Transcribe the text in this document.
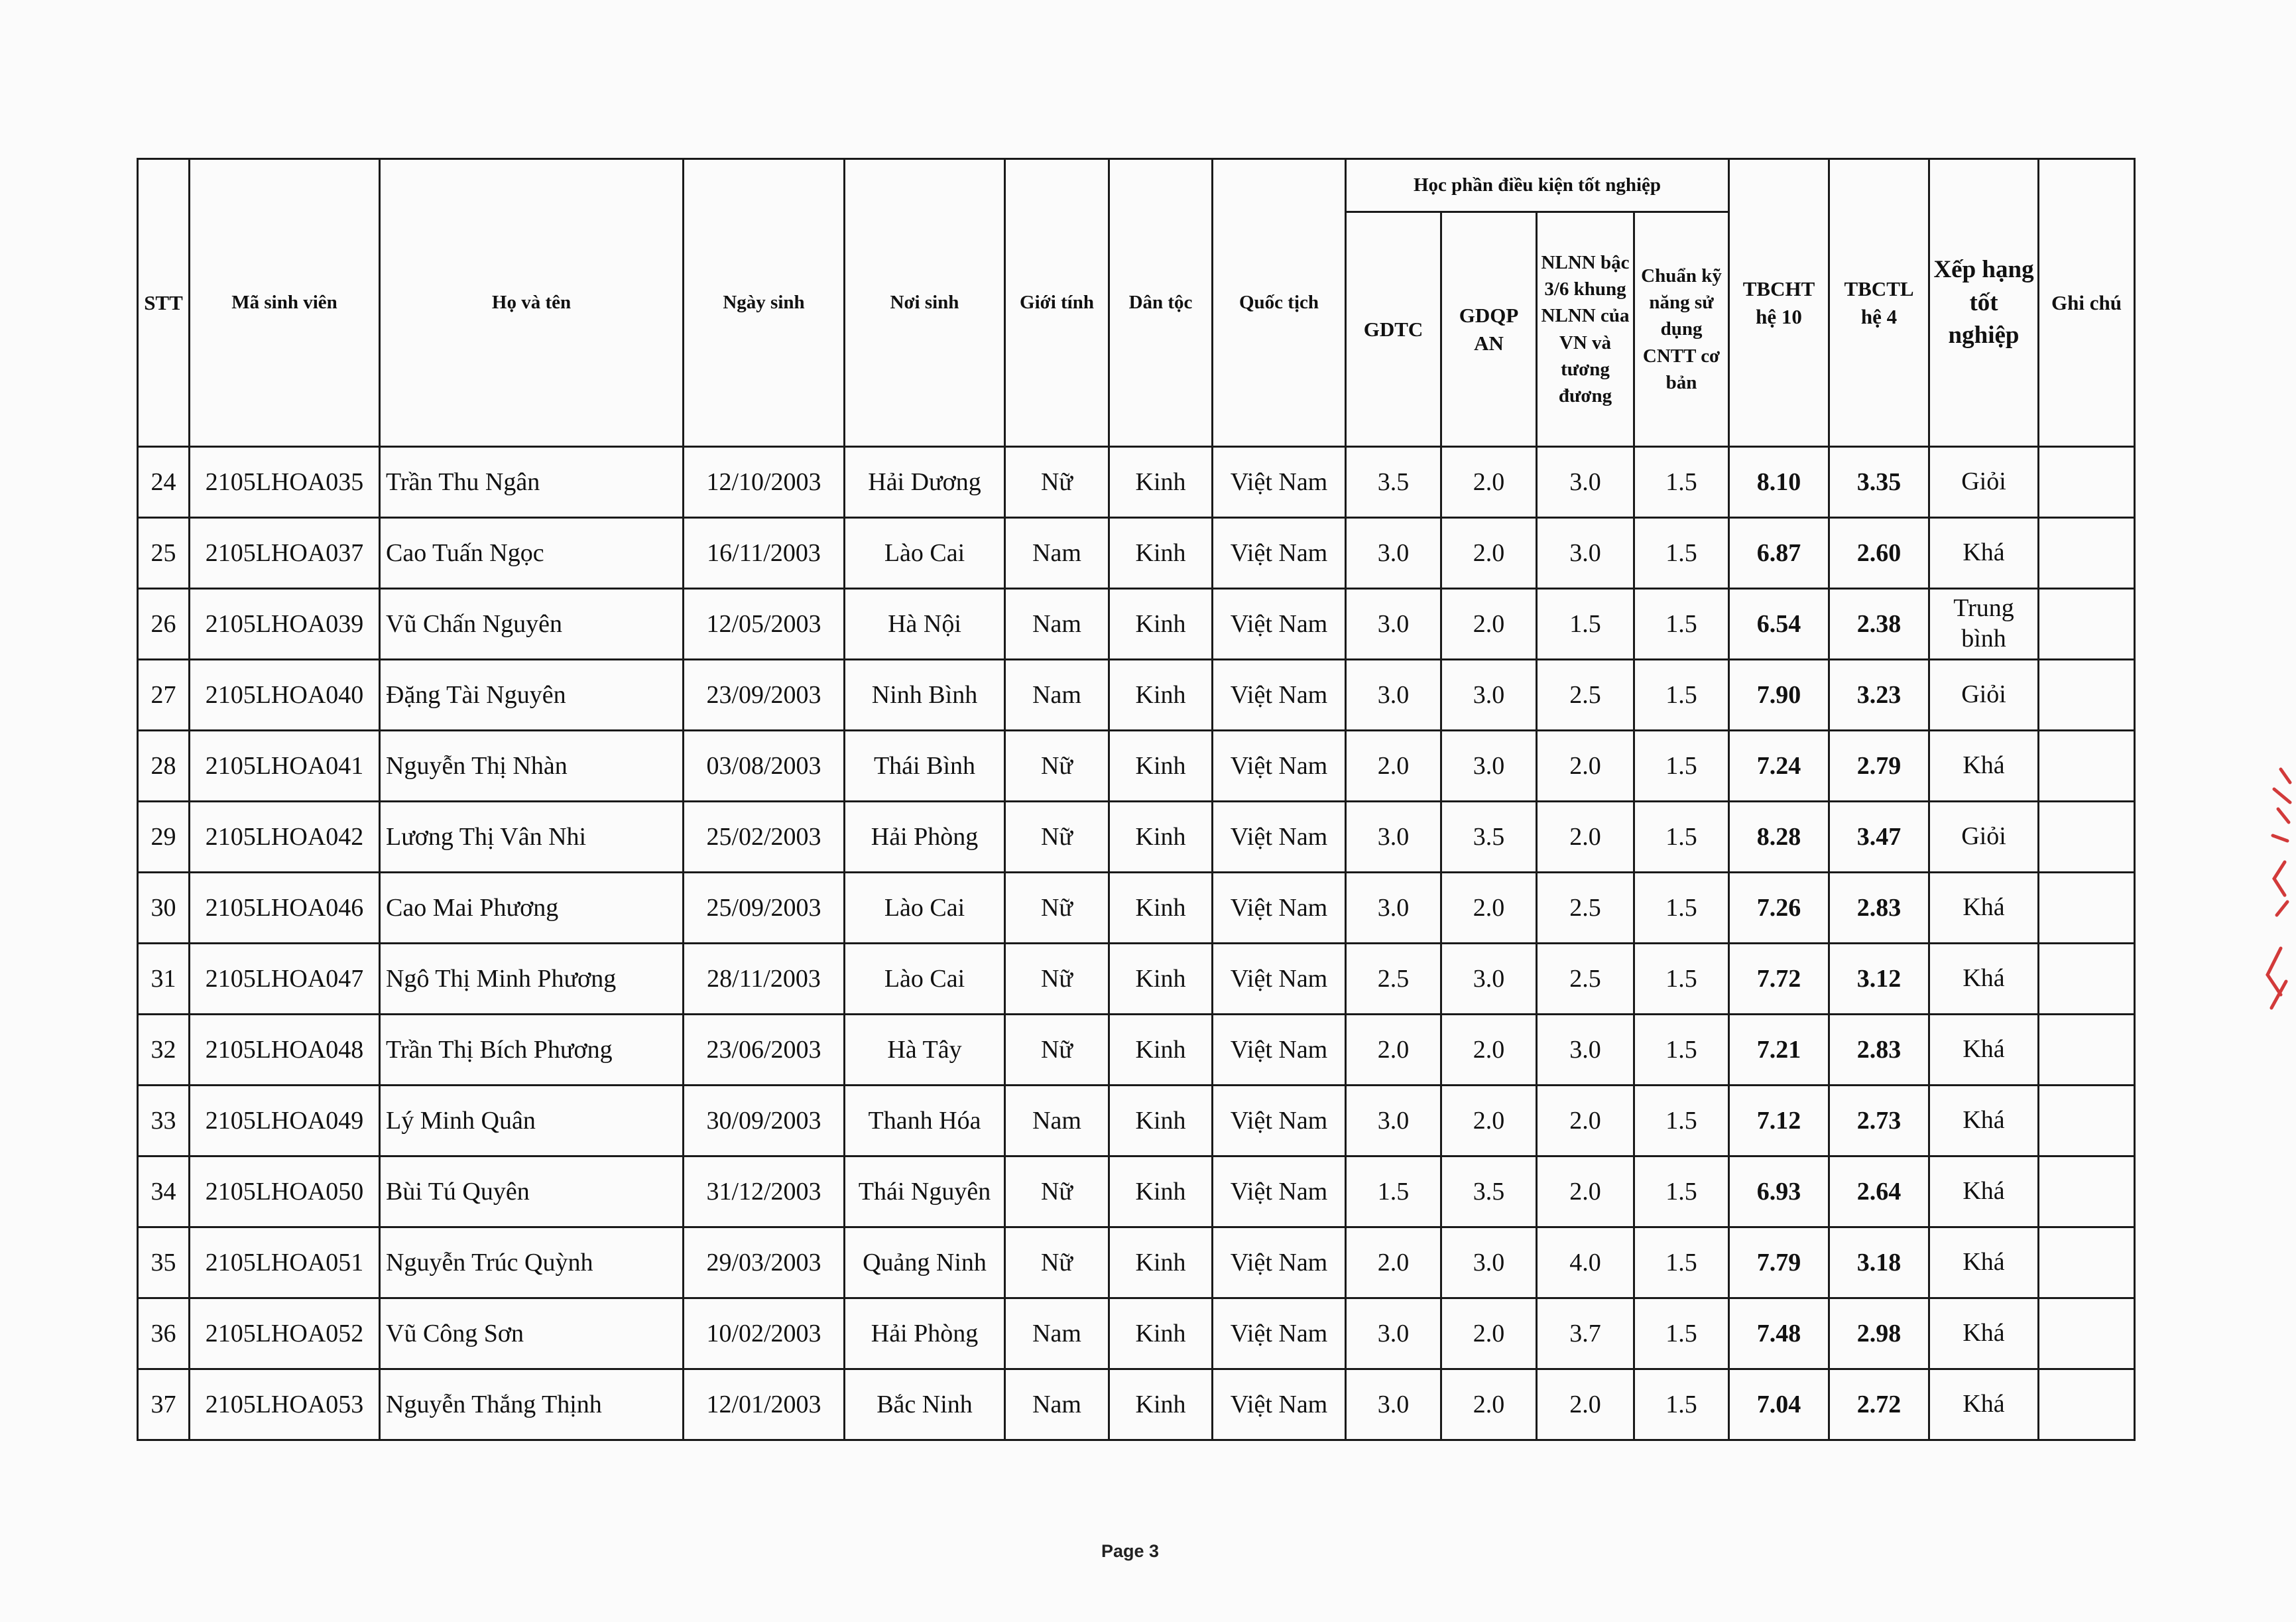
STT	Mã sinh viên	Họ và tên	Ngày sinh	Nơi sinh	Giới tính	Dân tộc	Quốc tịch	Học phần điều kiện tốt nghiệp				TBCHT hệ 10	TBCTL hệ 4	Xếp hạng tốt nghiệp	Ghi chú
								GDTC	GDQP AN	NLNN bậc 3/6 khung NLNN của VN và tương đương	Chuẩn kỹ năng sử dụng CNTT cơ bản				
24	2105LHOA035	Trần Thu Ngân	12/10/2003	Hải Dương	Nữ	Kinh	Việt Nam	3.5	2.0	3.0	1.5	8.10	3.35	Giỏi	
25	2105LHOA037	Cao Tuấn Ngọc	16/11/2003	Lào Cai	Nam	Kinh	Việt Nam	3.0	2.0	3.0	1.5	6.87	2.60	Khá	
26	2105LHOA039	Vũ Chấn Nguyên	12/05/2003	Hà Nội	Nam	Kinh	Việt Nam	3.0	2.0	1.5	1.5	6.54	2.38	Trung bình	
27	2105LHOA040	Đặng Tài Nguyên	23/09/2003	Ninh Bình	Nam	Kinh	Việt Nam	3.0	3.0	2.5	1.5	7.90	3.23	Giỏi	
28	2105LHOA041	Nguyễn Thị Nhàn	03/08/2003	Thái Bình	Nữ	Kinh	Việt Nam	2.0	3.0	2.0	1.5	7.24	2.79	Khá	
29	2105LHOA042	Lương Thị Vân Nhi	25/02/2003	Hải Phòng	Nữ	Kinh	Việt Nam	3.0	3.5	2.0	1.5	8.28	3.47	Giỏi	
30	2105LHOA046	Cao Mai Phương	25/09/2003	Lào Cai	Nữ	Kinh	Việt Nam	3.0	2.0	2.5	1.5	7.26	2.83	Khá	
31	2105LHOA047	Ngô Thị Minh Phương	28/11/2003	Lào Cai	Nữ	Kinh	Việt Nam	2.5	3.0	2.5	1.5	7.72	3.12	Khá	
32	2105LHOA048	Trần Thị Bích Phương	23/06/2003	Hà Tây	Nữ	Kinh	Việt Nam	2.0	2.0	3.0	1.5	7.21	2.83	Khá	
33	2105LHOA049	Lý Minh Quân	30/09/2003	Thanh Hóa	Nam	Kinh	Việt Nam	3.0	2.0	2.0	1.5	7.12	2.73	Khá	
34	2105LHOA050	Bùi Tú Quyên	31/12/2003	Thái Nguyên	Nữ	Kinh	Việt Nam	1.5	3.5	2.0	1.5	6.93	2.64	Khá	
35	2105LHOA051	Nguyễn Trúc Quỳnh	29/03/2003	Quảng Ninh	Nữ	Kinh	Việt Nam	2.0	3.0	4.0	1.5	7.79	3.18	Khá	
36	2105LHOA052	Vũ Công Sơn	10/02/2003	Hải Phòng	Nam	Kinh	Việt Nam	3.0	2.0	3.7	1.5	7.48	2.98	Khá	
37	2105LHOA053	Nguyễn Thắng Thịnh	12/01/2003	Bắc Ninh	Nam	Kinh	Việt Nam	3.0	2.0	2.0	1.5	7.04	2.72	Khá	
Page 3
